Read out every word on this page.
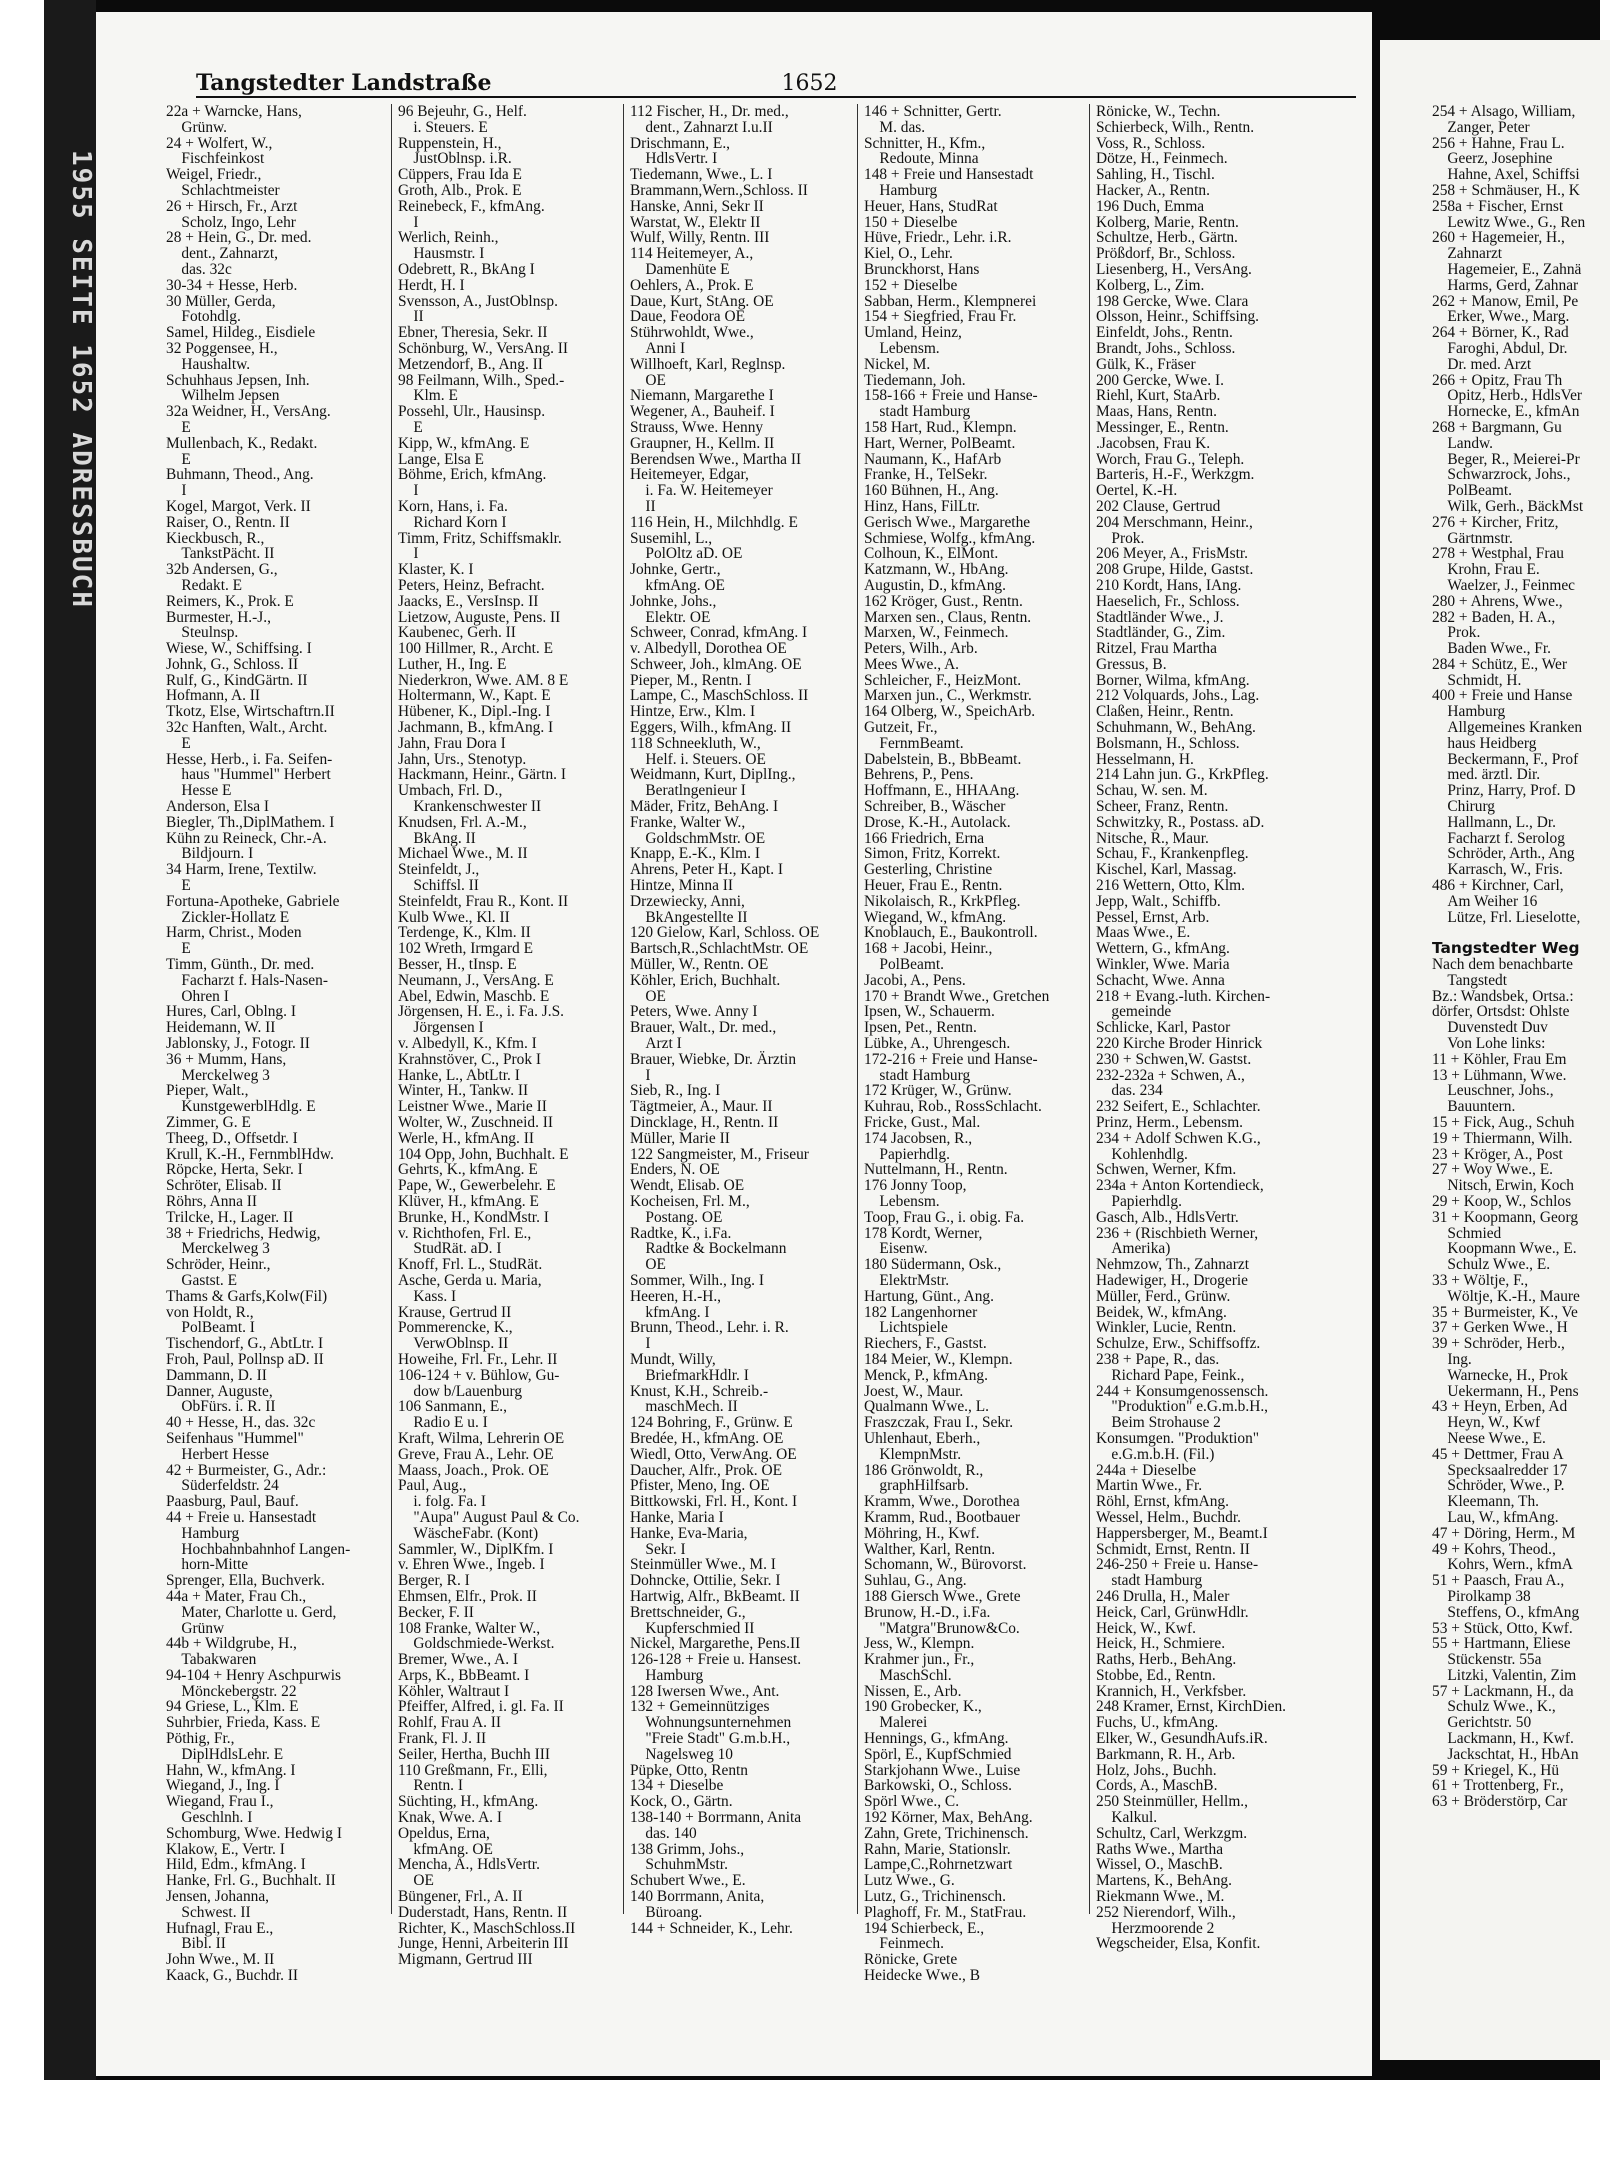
1955 SEITE 1652 ADRESSBUCH
Tangstedter Landstraße	1652
22a + Warncke, Hans,
 Grünw.
24 + Wolfert, W.,
 Fischfeinkost
Weigel, Friedr.,
 Schlachtmeister
26 + Hirsch, Fr., Arzt
 Scholz, Ingo, Lehr
28 + Hein, G., Dr. med.
 dent., Zahnarzt,
 das. 32c
30-34 + Hesse, Herb.
30 Müller, Gerda,
 Fotohdlg.
Samel, Hildeg., Eisdiele
32 Poggensee, H.,
 Haushaltw.
Schuhhaus Jepsen, Inh.
 Wilhelm Jepsen
32a Weidner, H., VersAng.
 E
Mullenbach, K., Redakt.
 E
Buhmann, Theod., Ang.
 I
Kogel, Margot, Verk. II
Raiser, O., Rentn. II
Kieckbusch, R.,
 TankstPächt. II
32b Andersen, G.,
 Redakt. E
Reimers, K., Prok. E
Burmester, H.-J.,
 Steulnsp.
Wiese, W., Schiffsing. I
Johnk, G., Schloss. II
Rulf, G., KindGärtn. II
Hofmann, A. II
Tkotz, Else, Wirtschaftrn.II
32c Hanften, Walt., Archt.
 E
Hesse, Herb., i. Fa. Seifen-
 haus "Hummel" Herbert
 Hesse E
Anderson, Elsa I
Biegler, Th.,DiplMathem. I
Kühn zu Reineck, Chr.-A.
 Bildjourn. I
34 Harm, Irene, Textilw.
 E
Fortuna-Apotheke, Gabriele
 Zickler-Hollatz E
Harm, Christ., Moden
 E
Timm, Günth., Dr. med.
 Facharzt f. Hals-Nasen-
 Ohren I
Hures, Carl, Oblng. I
Heidemann, W. II
Jablonsky, J., Fotogr. II
36 + Mumm, Hans,
 Merckelweg 3
Pieper, Walt.,
 KunstgewerblHdlg. E
Zimmer, G. E
Theeg, D., Offsetdr. I
Krull, K.-H., FernmblHdw.
Röpcke, Herta, Sekr. I
Schröter, Elisab. II
Röhrs, Anna II
Trilcke, H., Lager. II
38 + Friedrichs, Hedwig,
 Merckelweg 3
Schröder, Heinr.,
 Gastst. E
Thams & Garfs,Kolw(Fil)
von Holdt, R.,
 PolBeamt. I
Tischendorf, G., AbtLtr. I
Froh, Paul, Pollnsp aD. II
Dammann, D. II
Danner, Auguste,
 ObFürs. i. R. II
40 + Hesse, H., das. 32c
Seifenhaus "Hummel"
 Herbert Hesse
42 + Burmeister, G., Adr.:
 Süderfeldstr. 24
Paasburg, Paul, Bauf.
44 + Freie u. Hansestadt
 Hamburg
 Hochbahnbahnhof Langen-
 horn-Mitte
Sprenger, Ella, Buchverk.
44a + Mater, Frau Ch.,
 Mater, Charlotte u. Gerd,
 Grünw
44b + Wildgrube, H.,
 Tabakwaren
94-104 + Henry Aschpurwis
 Mönckebergstr. 22
94 Griese, L., Klm. E
Suhrbier, Frieda, Kass. E
Pöthig, Fr.,
 DiplHdlsLehr. E
Hahn, W., kfmAng. I
Wiegand, J., Ing. I
Wiegand, Frau I.,
 Geschlnh. I
Schomburg, Wwe. Hedwig I
Klakow, E., Vertr. I
Hild, Edm., kfmAng. I
Hanke, Frl. G., Buchhalt. II
Jensen, Johanna,
 Schwest. II
Hufnagl, Frau E.,
 Bibl. II
John Wwe., M. II
Kaack, G., Buchdr. II
96 Bejeuhr, G., Helf.
 i. Steuers. E
Ruppenstein, H.,
 JustOblnsp. i.R.
Cüppers, Frau Ida E
Groth, Alb., Prok. E
Reinebeck, F., kfmAng.
 I
Werlich, Reinh.,
 Hausmstr. I
Odebrett, R., BkAng I
Herdt, H. I
Svensson, A., JustOblnsp.
 II
Ebner, Theresia, Sekr. II
Schönburg, W., VersAng. II
Metzendorf, B., Ang. II
98 Feilmann, Wilh., Sped.-
 Klm. E
Possehl, Ulr., Hausinsp.
 E
Kipp, W., kfmAng. E
Lange, Elsa E
Böhme, Erich, kfmAng.
 I
Korn, Hans, i. Fa.
 Richard Korn I
Timm, Fritz, Schiffsmaklr.
 I
Klaster, K. I
Peters, Heinz, Befracht.
Jaacks, E., VersInsp. II
Lietzow, Auguste, Pens. II
Kaubenec, Gerh. II
100 Hillmer, R., Archt. E
Luther, H., Ing. E
Niederkron, Wwe. AM. 8 E
Holtermann, W., Kapt. E
Hübener, K., Dipl.-Ing. I
Jachmann, B., kfmAng. I
Jahn, Frau Dora I
Jahn, Urs., Stenotyp.
Hackmann, Heinr., Gärtn. I
Umbach, Frl. D.,
 Krankenschwester II
Knudsen, Frl. A.-M.,
 BkAng. II
Michael Wwe., M. II
Steinfeldt, J.,
 Schiffsl. II
Steinfeldt, Frau R., Kont. II
Kulb Wwe., Kl. II
Terdenge, K., Klm. II
102 Wreth, Irmgard E
Besser, H., tInsp. E
Neumann, J., VersAng. E
Abel, Edwin, Maschb. E
Jörgensen, H. E., i. Fa. J.S.
 Jörgensen I
v. Albedyll, K., Kfm. I
Krahnstöver, C., Prok I
Hanke, L., AbtLtr. I
Winter, H., Tankw. II
Leistner Wwe., Marie II
Wolter, W., Zuschneid. II
Werle, H., kfmAng. II
104 Opp, John, Buchhalt. E
Gehrts, K., kfmAng. E
Pape, W., Gewerbelehr. E
Klüver, H., kfmAng. E
Brunke, H., KondMstr. I
v. Richthofen, Frl. E.,
 StudRät. aD. I
Knoff, Frl. L., StudRät.
Asche, Gerda u. Maria,
 Kass. I
Krause, Gertrud II
Pommerencke, K.,
 VerwOblnsp. II
Howeihe, Frl. Fr., Lehr. II
106-124 + v. Bühlow, Gu-
 dow b/Lauenburg
106 Sanmann, E.,
 Radio E u. I
Kraft, Wilma, Lehrerin OE
Greve, Frau A., Lehr. OE
Maass, Joach., Prok. OE
Paul, Aug.,
 i. folg. Fa. I
 "Aupa" August Paul & Co.
 WäscheFabr. (Kont)
Sammler, W., DiplKfm. I
v. Ehren Wwe., Ingeb. I
Berger, R. I
Ehmsen, Elfr., Prok. II
Becker, F. II
108 Franke, Walter W.,
 Goldschmiede-Werkst.
Bremer, Wwe., A. I
Arps, K., BbBeamt. I
Köhler, Waltraut I
Pfeiffer, Alfred, i. gl. Fa. II
Rohlf, Frau A. II
Frank, Fl. J. II
Seiler, Hertha, Buchh III
110 Greßmann, Fr., Elli,
 Rentn. I
Süchting, H., kfmAng.
Knak, Wwe. A. I
Opeldus, Erna,
 kfmAng. OE
Mencha, A., HdlsVertr.
 OE
Büngener, Frl., A. II
Duderstadt, Hans, Rentn. II
Richter, K., MaschSchloss.II
Junge, Henni, Arbeiterin III
Migmann, Gertrud III
112 Fischer, H., Dr. med.,
 dent., Zahnarzt I.u.II
Drischmann, E.,
 HdlsVertr. I
Tiedemann, Wwe., L. I
Brammann,Wern.,Schloss. II
Hanske, Anni, Sekr II
Warstat, W., Elektr II
Wulf, Willy, Rentn. III
114 Heitemeyer, A.,
 Damenhüte E
Oehlers, A., Prok. E
Daue, Kurt, StAng. OE
Daue, Feodora OE
Stührwohldt, Wwe.,
 Anni I
Willhoeft, Karl, Reglnsp.
 OE
Niemann, Margarethe I
Wegener, A., Bauheif. I
Strauss, Wwe. Henny
Graupner, H., Kellm. II
Berendsen Wwe., Martha II
Heitemeyer, Edgar,
 i. Fa. W. Heitemeyer
 II
116 Hein, H., Milchhdlg. E
Susemihl, L.,
 PolOltz aD. OE
Johnke, Gertr.,
 kfmAng. OE
Johnke, Johs.,
 Elektr. OE
Schweer, Conrad, kfmAng. I
v. Albedyll, Dorothea OE
Schweer, Joh., klmAng. OE
Pieper, M., Rentn. I
Lampe, C., MaschSchloss. II
Hintze, Erw., Klm. I
Eggers, Wilh., kfmAng. II
118 Schneekluth, W.,
 Helf. i. Steuers. OE
Weidmann, Kurt, DiplIng.,
 Beratlngenieur I
Mäder, Fritz, BehAng. I
Franke, Walter W.,
 GoldschmMstr. OE
Knapp, E.-K., Klm. I
Ahrens, Peter H., Kapt. I
Hintze, Minna II
Drzewiecky, Anni,
 BkAngestellte II
120 Gielow, Karl, Schloss. OE
Bartsch,R.,SchlachtMstr. OE
Müller, W., Rentn. OE
Köhler, Erich, Buchhalt.
 OE
Peters, Wwe. Anny I
Brauer, Walt., Dr. med.,
 Arzt I
Brauer, Wiebke, Dr. Ärztin
 I
Sieb, R., Ing. I
Tägtmeier, A., Maur. II
Dincklage, H., Rentn. II
Müller, Marie II
122 Sangmeister, M., Friseur
Enders, N. OE
Wendt, Elisab. OE
Kocheisen, Frl. M.,
 Postang. OE
Radtke, K., i.Fa.
 Radtke & Bockelmann
 OE
Sommer, Wilh., Ing. I
Heeren, H.-H.,
 kfmAng. I
Brunn, Theod., Lehr. i. R.
 I
Mundt, Willy,
 BriefmarkHdlr. I
Knust, K.H., Schreib.-
 maschMech. II
124 Bohring, F., Grünw. E
Bredée, H., kfmAng. OE
Wiedl, Otto, VerwAng. OE
Daucher, Alfr., Prok. OE
Pfister, Meno, Ing. OE
Bittkowski, Frl. H., Kont. I
Hanke, Maria I
Hanke, Eva-Maria,
 Sekr. I
Steinmüller Wwe., M. I
Dohncke, Ottilie, Sekr. I
Hartwig, Alfr., BkBeamt. II
Brettschneider, G.,
 Kupferschmied II
Nickel, Margarethe, Pens.II
126-128 + Freie u. Hansest.
 Hamburg
128 Iwersen Wwe., Ant.
132 + Gemeinnütziges
 Wohnungsunternehmen
 "Freie Stadt" G.m.b.H.,
 Nagelsweg 10
Püpke, Otto, Rentn
134 + Dieselbe
Kock, O., Gärtn.
138-140 + Borrmann, Anita
 das. 140
138 Grimm, Johs.,
 SchuhmMstr.
Schubert Wwe., E.
140 Borrmann, Anita,
 Büroang.
144 + Schneider, K., Lehr.
146 + Schnitter, Gertr.
 M. das.
Schnitter, H., Kfm.,
 Redoute, Minna
148 + Freie und Hansestadt
 Hamburg
Heuer, Hans, StudRat
150 + Dieselbe
Hüve, Friedr., Lehr. i.R.
Kiel, O., Lehr.
Brunckhorst, Hans
152 + Dieselbe
Sabban, Herm., Klempnerei
154 + Siegfried, Frau Fr.
Umland, Heinz,
 Lebensm.
Nickel, M.
Tiedemann, Joh.
158-166 + Freie und Hanse-
 stadt Hamburg
158 Hart, Rud., Klempn.
Hart, Werner, PolBeamt.
Naumann, K., HafArb
Franke, H., TelSekr.
160 Bühnen, H., Ang.
Hinz, Hans, FilLtr.
Gerisch Wwe., Margarethe
Schmiese, Wolfg., kfmAng.
Colhoun, K., ElMont.
Katzmann, W., HbAng.
Augustin, D., kfmAng.
162 Kröger, Gust., Rentn.
Marxen sen., Claus, Rentn.
Marxen, W., Feinmech.
Peters, Wilh., Arb.
Mees Wwe., A.
Schleicher, F., HeizMont.
Marxen jun., C., Werkmstr.
164 Olberg, W., SpeichArb.
Gutzeit, Fr.,
 FernmBeamt.
Dabelstein, B., BbBeamt.
Behrens, P., Pens.
Hoffmann, E., HHAAng.
Schreiber, B., Wäscher
Drose, K.-H., Autolack.
166 Friedrich, Erna
Simon, Fritz, Korrekt.
Gesterling, Christine
Heuer, Frau E., Rentn.
Nikolaisch, R., KrkPfleg.
Wiegand, W., kfmAng.
Knoblauch, E., Baukontroll.
168 + Jacobi, Heinr.,
 PolBeamt.
Jacobi, A., Pens.
170 + Brandt Wwe., Gretchen
Ipsen, W., Schauerm.
Ipsen, Pet., Rentn.
Lübke, A., Uhrengesch.
172-216 + Freie und Hanse-
 stadt Hamburg
172 Krüger, W., Grünw.
Kuhrau, Rob., RossSchlacht.
Fricke, Gust., Mal.
174 Jacobsen, R.,
 Papierhdlg.
Nuttelmann, H., Rentn.
176 Jonny Toop,
 Lebensm.
Toop, Frau G., i. obig. Fa.
178 Kordt, Werner,
 Eisenw.
180 Südermann, Osk.,
 ElektrMstr.
Hartung, Günt., Ang.
182 Langenhorner
 Lichtspiele
Riechers, F., Gastst.
184 Meier, W., Klempn.
Menck, P., kfmAng.
Joest, W., Maur.
Qualmann Wwe., L.
Fraszczak, Frau I., Sekr.
Uhlenhaut, Eberh.,
 KlempnMstr.
186 Grönwoldt, R.,
 graphHilfsarb.
Kramm, Wwe., Dorothea
Kramm, Rud., Bootbauer
Möhring, H., Kwf.
Walther, Karl, Rentn.
Schomann, W., Bürovorst.
Suhlau, G., Ang.
188 Giersch Wwe., Grete
Brunow, H.-D., i.Fa.
 "Matgra"Brunow&Co.
Jess, W., Klempn.
Krahmer jun., Fr.,
 MaschSchl.
Nissen, E., Arb.
190 Grobecker, K.,
 Malerei
Hennings, G., kfmAng.
Spörl, E., KupfSchmied
Starkjohann Wwe., Luise
Barkowski, O., Schloss.
Spörl Wwe., C.
192 Körner, Max, BehAng.
Zahn, Grete, Trichinensch.
Rahn, Marie, Stationslr.
Lampe,C.,Rohrnetzwart
Lutz Wwe., G.
Lutz, G., Trichinensch.
Plaghoff, Fr. M., StatFrau.
194 Schierbeck, E.,
 Feinmech.
Rönicke, Grete
Heidecke Wwe., B
Rönicke, W., Techn.
Schierbeck, Wilh., Rentn.
Voss, R., Schloss.
Dötze, H., Feinmech.
Sahling, H., Tischl.
Hacker, A., Rentn.
196 Duch, Emma
Kolberg, Marie, Rentn.
Schultze, Herb., Gärtn.
Prößdorf, Br., Schloss.
Liesenberg, H., VersAng.
Kolberg, L., Zim.
198 Gercke, Wwe. Clara
Olsson, Heinr., Schiffsing.
Einfeldt, Johs., Rentn.
Brandt, Johs., Schloss.
Gülk, K., Fräser
200 Gercke, Wwe. I.
Riehl, Kurt, StaArb.
Maas, Hans, Rentn.
Messinger, E., Rentn.
.Jacobsen, Frau K.
Worch, Frau G., Teleph.
Barteris, H.-F., Werkzgm.
Oertel, K.-H.
202 Clause, Gertrud
204 Merschmann, Heinr.,
 Prok.
206 Meyer, A., FrisMstr.
208 Grupe, Hilde, Gastst.
210 Kordt, Hans, IAng.
Haeselich, Fr., Schloss.
Stadtländer Wwe., J.
Stadtländer, G., Zim.
Ritzel, Frau Martha
Gressus, B.
Borner, Wilma, kfmAng.
212 Volquards, Johs., Lag.
Claßen, Heinr., Rentn.
Schuhmann, W., BehAng.
Bolsmann, H., Schloss.
Hesselmann, H.
214 Lahn jun. G., KrkPfleg.
Schau, W. sen. M.
Scheer, Franz, Rentn.
Schwitzky, R., Postass. aD.
Nitsche, R., Maur.
Schau, F., Krankenpfleg.
Kischel, Karl, Massag.
216 Wettern, Otto, Klm.
Jepp, Walt., Schiffb.
Pessel, Ernst, Arb.
Maas Wwe., E.
Wettern, G., kfmAng.
Winkler, Wwe. Maria
Schacht, Wwe. Anna
218 + Evang.-luth. Kirchen-
 gemeinde
Schlicke, Karl, Pastor
220 Kirche Broder Hinrick
230 + Schwen,W. Gastst.
232-232a + Schwen, A.,
 das. 234
232 Seifert, E., Schlachter.
Prinz, Herm., Lebensm.
234 + Adolf Schwen K.G.,
 Kohlenhdlg.
Schwen, Werner, Kfm.
234a + Anton Kortendieck,
 Papierhdlg.
Gasch, Alb., HdlsVertr.
236 + (Rischbieth Werner,
 Amerika)
Nehmzow, Th., Zahnarzt
Hadewiger, H., Drogerie
Müller, Ferd., Grünw.
Beidek, W., kfmAng.
Winkler, Lucie, Rentn.
Schulze, Erw., Schiffsoffz.
238 + Pape, R., das.
 Richard Pape, Feink.,
244 + Konsumgenossensch.
 "Produktion" e.G.m.b.H.,
 Beim Strohause 2
Konsumgen. "Produktion"
 e.G.m.b.H. (Fil.)
244a + Dieselbe
Martin Wwe., Fr.
Röhl, Ernst, kfmAng.
Wessel, Helm., Buchdr.
Happersberger, M., Beamt.I
Schmidt, Ernst, Rentn. II
246-250 + Freie u. Hanse-
 stadt Hamburg
246 Drulla, H., Maler
Heick, Carl, GrünwHdlr.
Heick, W., Kwf.
Heick, H., Schmiere.
Raths, Herb., BehAng.
Stobbe, Ed., Rentn.
Krannich, H., Verkfsber.
248 Kramer, Ernst, KirchDien.
Fuchs, U., kfmAng.
Elker, W., GesundhAufs.iR.
Barkmann, R. H., Arb.
Holz, Johs., Buchh.
Cords, A., MaschB.
250 Steinmüller, Hellm.,
 Kalkul.
Schultz, Carl, Werkzgm.
Raths Wwe., Martha
Wissel, O., MaschB.
Martens, K., BehAng.
Riekmann Wwe., M.
252 Nierendorf, Wilh.,
 Herzmoorende 2
Wegscheider, Elsa, Konfit.
254 + Alsago, William,
 Zanger, Peter
256 + Hahne, Frau L.
 Geerz, Josephine
 Hahne, Axel, Schiffsi
258 + Schmäuser, H., K
258a + Fischer, Ernst
 Lewitz Wwe., G., Ren
260 + Hagemeier, H.,
 Zahnarzt
 Hagemeier, E., Zahnä
 Harms, Gerd, Zahnar
262 + Manow, Emil, Pe
 Erker, Wwe., Marg.
264 + Börner, K., Rad
 Faroghi, Abdul, Dr.
 Dr. med. Arzt
266 + Opitz, Frau Th
 Opitz, Herb., HdlsVer
 Hornecke, E., kfmAn
268 + Bargmann, Gu
 Landw.
 Beger, R., Meierei-Pr
 Schwarzrock, Johs.,
 PolBeamt.
 Wilk, Gerh., BäckMst
276 + Kircher, Fritz,
 Gärtnmstr.
278 + Westphal, Frau
 Krohn, Frau E.
 Waelzer, J., Feinmec
280 + Ahrens, Wwe.,
282 + Baden, H. A.,
 Prok.
 Baden Wwe., Fr.
284 + Schütz, E., Wer
 Schmidt, H.
400 + Freie und Hanse
 Hamburg
 Allgemeines Kranken
 haus Heidberg
 Beckermann, F., Prof
 med. ärztl. Dir.
 Prinz, Harry, Prof. D
 Chirurg
 Hallmann, L., Dr.
 Facharzt f. Serolog
 Schröder, Arth., Ang
 Karrasch, W., Fris.
486 + Kirchner, Carl,
 Am Weiher 16
 Lütze, Frl. Lieselotte,

Tangstedter Weg
Nach dem benachbarte
 Tangstedt
Bz.: Wandsbek, Ortsa.:
dörfer, Ortsdst: Ohlste
 Duvenstedt Duv
 Von Lohe links:
11 + Köhler, Frau Em
13 + Lühmann, Wwe.
 Leuschner, Johs.,
 Bauuntern.
15 + Fick, Aug., Schuh
19 + Thiermann, Wilh.
23 + Kröger, A., Post
27 + Woy Wwe., E.
 Nitsch, Erwin, Koch
29 + Koop, W., Schlos
31 + Koopmann, Georg
 Schmied
 Koopmann Wwe., E.
 Schulz Wwe., E.
33 + Wöltje, F.,
 Wöltje, K.-H., Maure
35 + Burmeister, K., Ve
37 + Gerken Wwe., H
39 + Schröder, Herb.,
 Ing.
 Warnecke, H., Prok
 Uekermann, H., Pens
43 + Heyn, Erben, Ad
 Heyn, W., Kwf
 Neese Wwe., E.
45 + Dettmer, Frau A
 Specksaalredder 17
 Schröder, Wwe., P.
 Kleemann, Th.
 Lau, W., kfmAng.
47 + Döring, Herm., M
49 + Kohrs, Theod.,
 Kohrs, Wern., kfmA
51 + Paasch, Frau A.,
 Pirolkamp 38
 Steffens, O., kfmAng
53 + Stück, Otto, Kwf.
55 + Hartmann, Eliese
 Stückenstr. 55a
 Litzki, Valentin, Zim
57 + Lackmann, H., da
 Schulz Wwe., K.,
 Gerichtstr. 50
 Lackmann, H., Kwf.
 Jackschtat, H., HbAn
59 + Kriegel, K., Hü
61 + Trottenberg, Fr.,
63 + Bröderstörp, Car
